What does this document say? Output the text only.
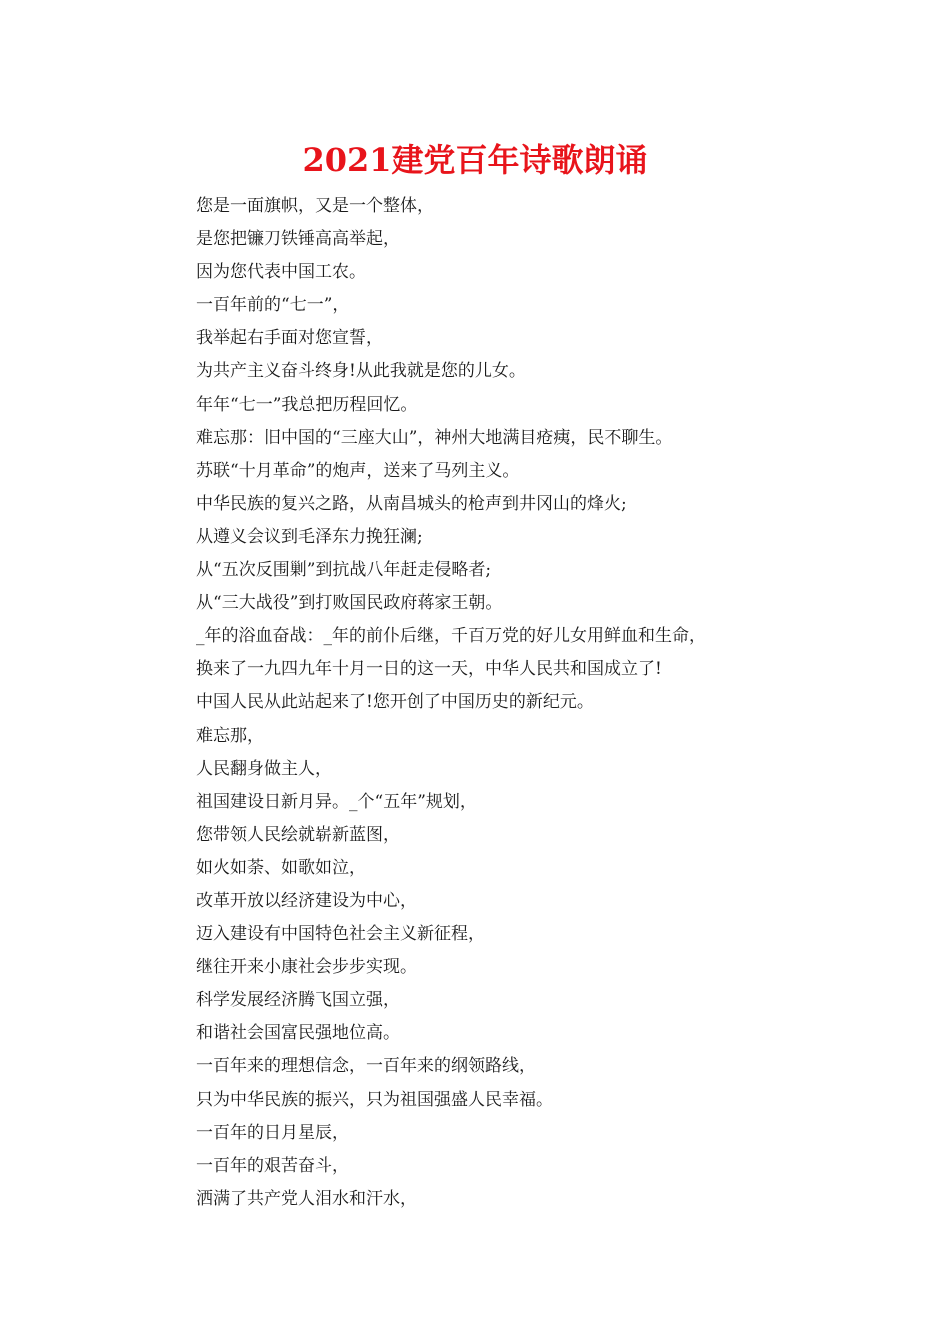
2021建党百年诗歌朗诵
您是一面旗帜，又是一个整体，
是您把镰刀铁锤高高举起，
因为您代表中国工农。
一百年前的“七一”，
我举起右手面对您宣誓，
为共产主义奋斗终身!从此我就是您的儿女。
年年“七一”我总把历程回忆。
难忘那：旧中国的“三座大山”，神州大地满目疮痍，民不聊生。
苏联“十月革命”的炮声，送来了马列主义。
中华民族的复兴之路，从南昌城头的枪声到井冈山的烽火;
从遵义会议到毛泽东力挽狂澜;
从“五次反围剿”到抗战八年赶走侵略者;
从“三大战役”到打败国民政府蒋家王朝。
_年的浴血奋战：_年的前仆后继，千百万党的好儿女用鲜血和生命，
换来了一九四九年十月一日的这一天，中华人民共和国成立了!
中国人民从此站起来了!您开创了中国历史的新纪元。
难忘那，
人民翻身做主人，
祖国建设日新月异。_个“五年”规划，
您带领人民绘就崭新蓝图，
如火如荼、如歌如泣，
改革开放以经济建设为中心，
迈入建设有中国特色社会主义新征程，
继往开来小康社会步步实现。
科学发展经济腾飞国立强，
和谐社会国富民强地位高。
一百年来的理想信念，一百年来的纲领路线，
只为中华民族的振兴，只为祖国强盛人民幸福。
一百年的日月星辰，
一百年的艰苦奋斗，
洒满了共产党人泪水和汗水，
